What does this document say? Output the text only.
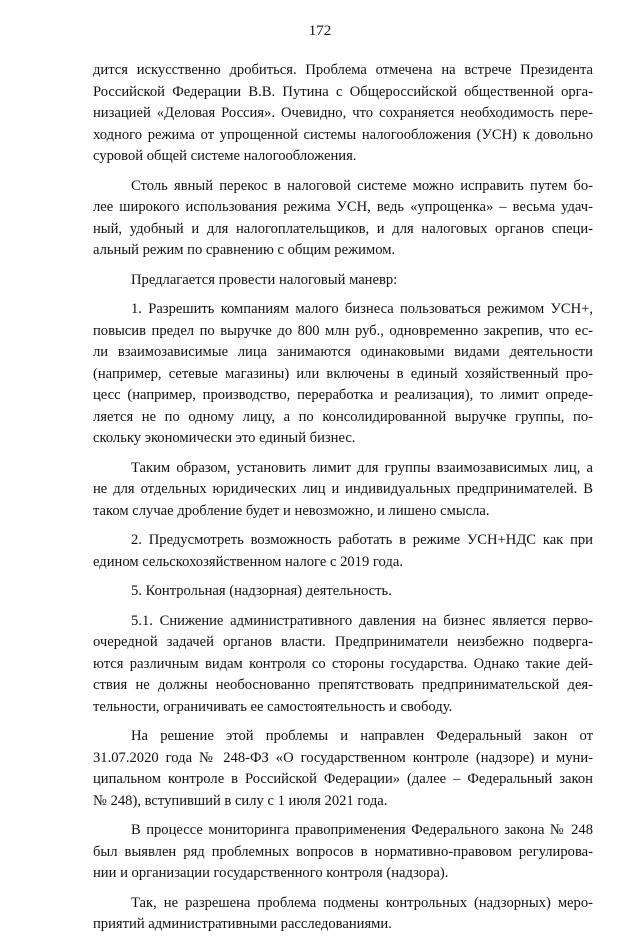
172
дится искусственно дробиться. Проблема отмечена на встрече Президента
Российской Федерации В.В. Путина с Общероссийской общественной орга-
низацией «Деловая Россия». Очевидно, что сохраняется необходимость пере-
ходного режима от упрощенной системы налогообложения (УСН) к довольно
суровой общей системе налогообложения.
Столь явный перекос в налоговой системе можно исправить путем бо-
лее широкого использования режима УСН, ведь «упрощенка» – весьма удач-
ный, удобный и для налогоплательщиков, и для налоговых органов специ-
альный режим по сравнению с общим режимом.
Предлагается провести налоговый маневр:
1. Разрешить компаниям малого бизнеса пользоваться режимом УСН+,
повысив предел по выручке до 800 млн руб., одновременно закрепив, что ес-
ли взаимозависимые лица занимаются одинаковыми видами деятельности
(например, сетевые магазины) или включены в единый хозяйственный про-
цесс (например, производство, переработка и реализация), то лимит опреде-
ляется не по одному лицу, а по консолидированной выручке группы, по-
скольку экономически это единый бизнес.
Таким образом, установить лимит для группы взаимозависимых лиц, а
не для отдельных юридических лиц и индивидуальных предпринимателей. В
таком случае дробление будет и невозможно, и лишено смысла.
2. Предусмотреть возможность работать в режиме УСН+НДС как при
едином сельскохозяйственном налоге с 2019 года.
5. Контрольная (надзорная) деятельность.
5.1. Снижение административного давления на бизнес является перво-
очередной задачей органов власти. Предприниматели неизбежно подверга-
ются различным видам контроля со стороны государства. Однако такие дей-
ствия не должны необоснованно препятствовать предпринимательской дея-
тельности, ограничивать ее самостоятельность и свободу.
На решение этой проблемы и направлен Федеральный закон от
31.07.2020 года № 248-ФЗ «О государственном контроле (надзоре) и муни-
ципальном контроле в Российской Федерации» (далее – Федеральный закон
№ 248), вступивший в силу с 1 июля 2021 года.
В процессе мониторинга правоприменения Федерального закона № 248
был выявлен ряд проблемных вопросов в нормативно-правовом регулирова-
нии и организации государственного контроля (надзора).
Так, не разрешена проблема подмены контрольных (надзорных) меро-
приятий административными расследованиями.
